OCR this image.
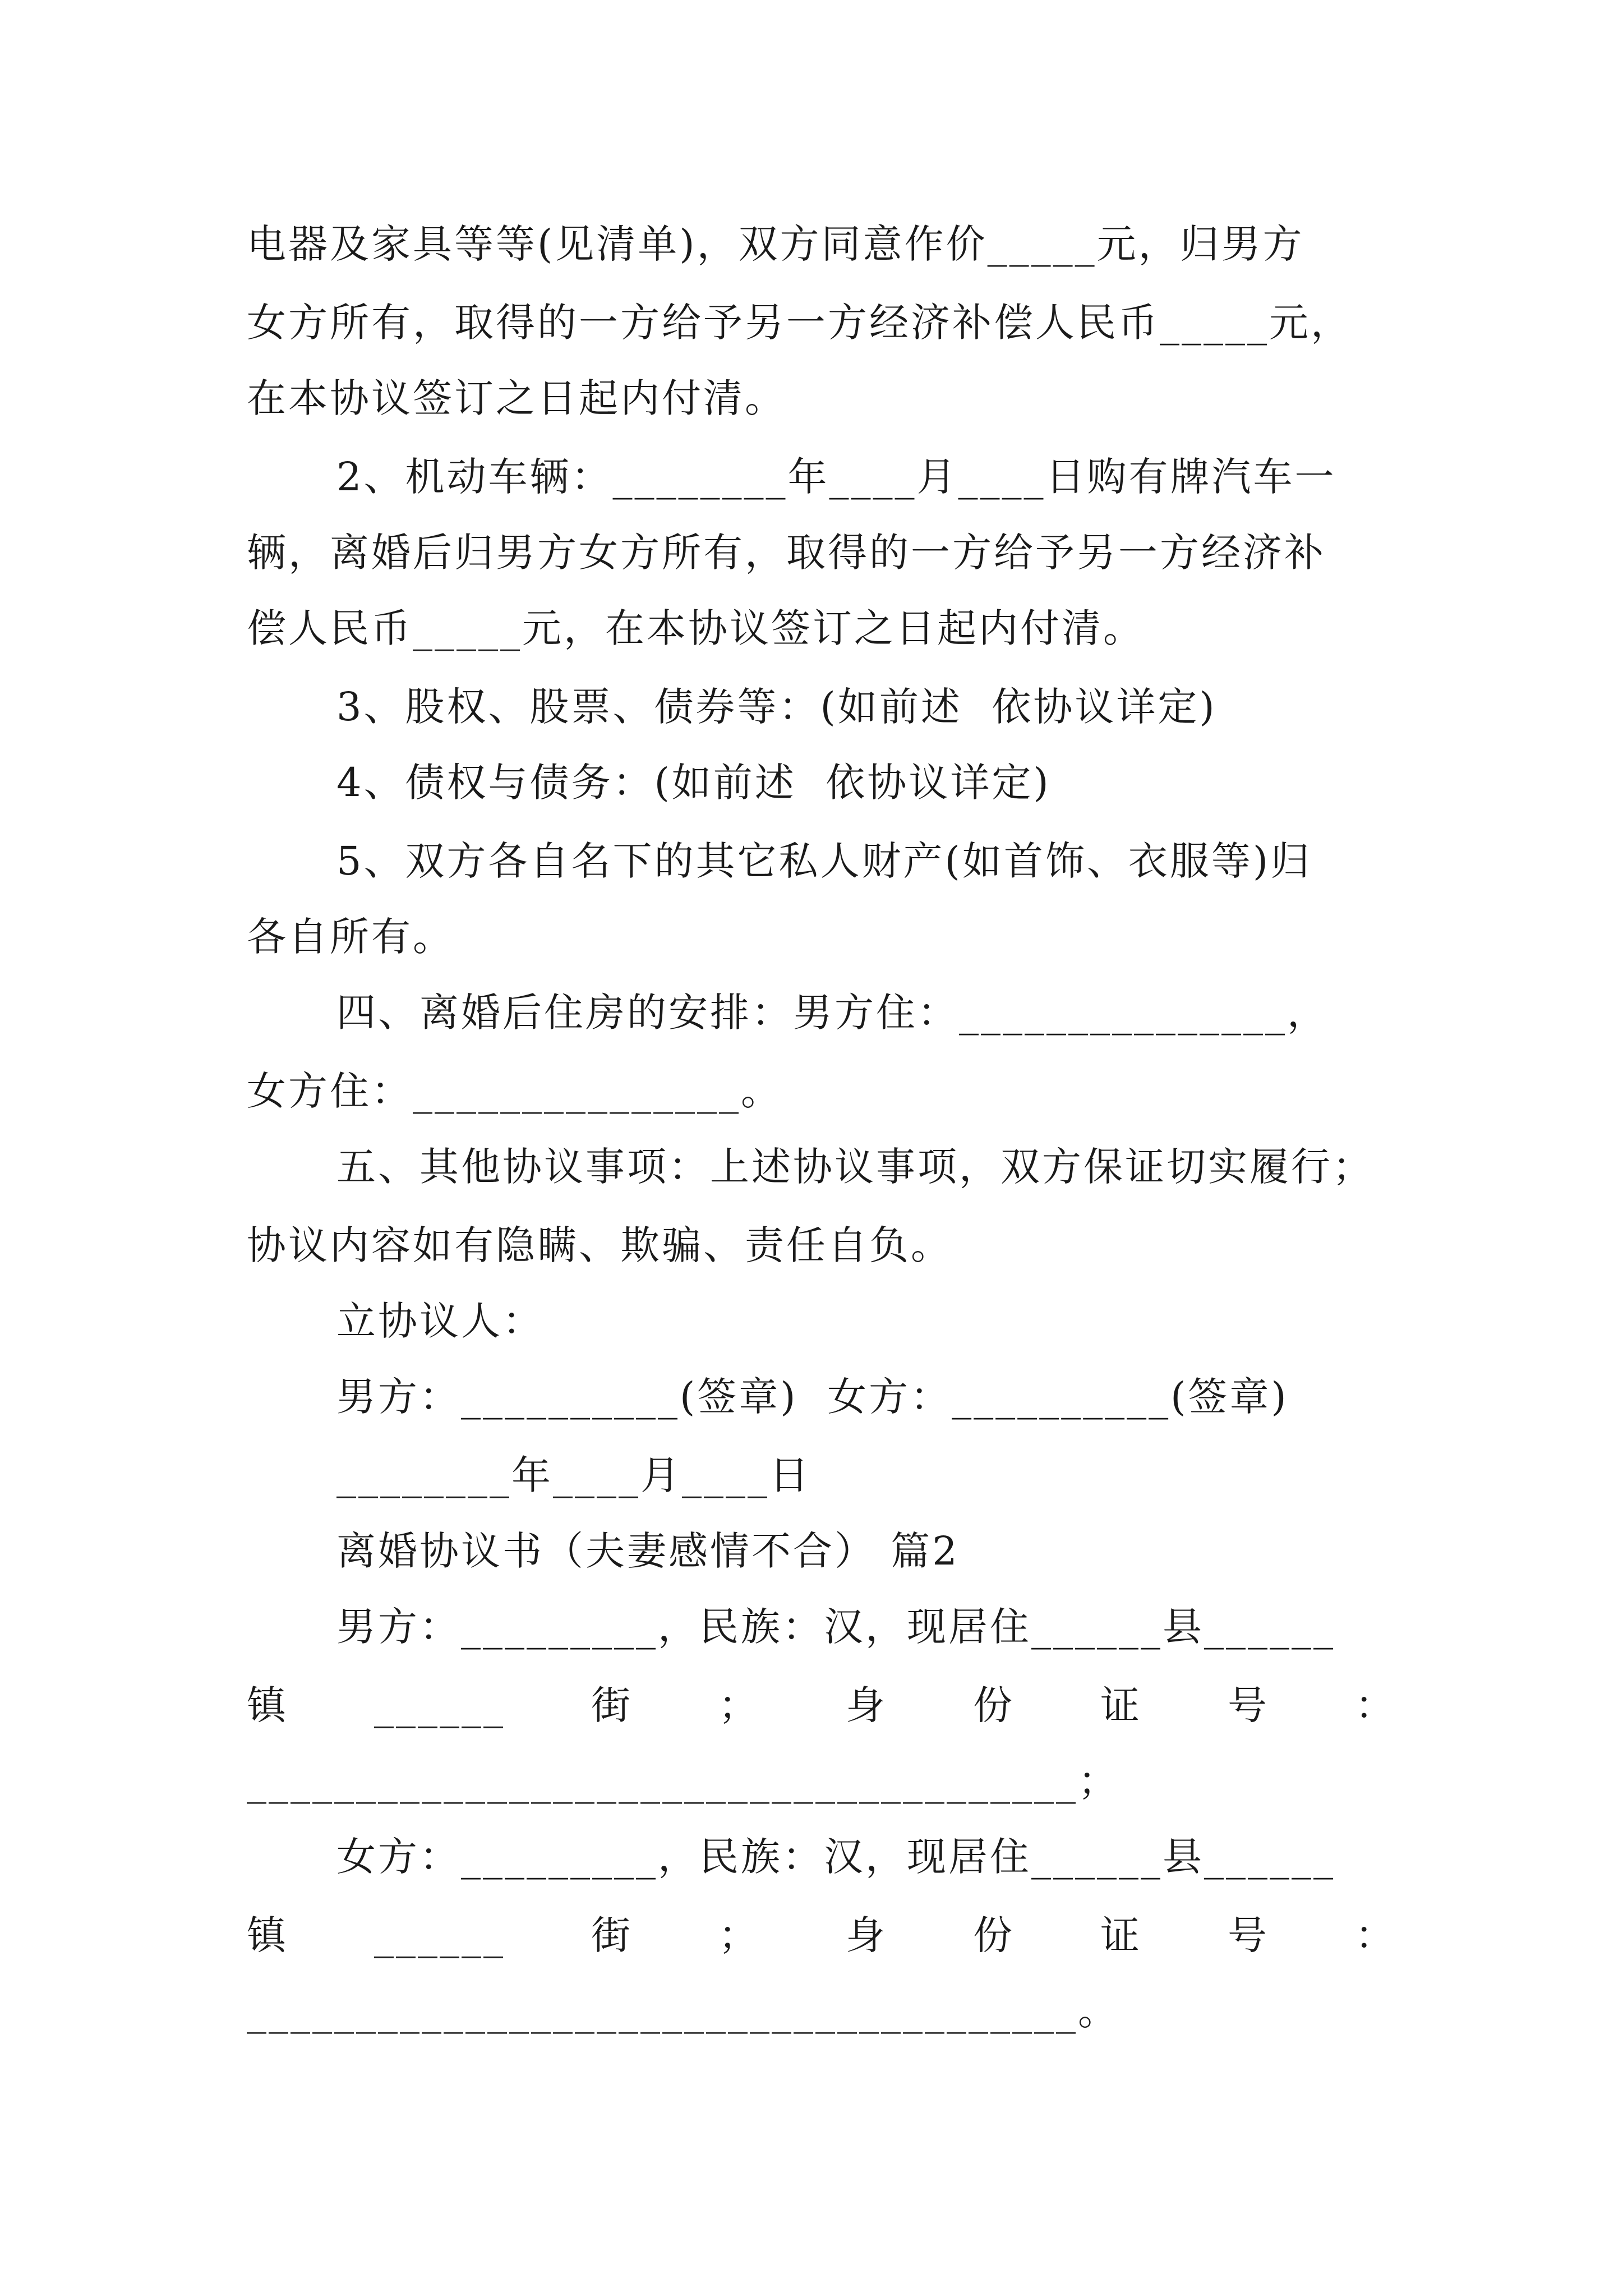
电器及家具等等(见清单)，双方同意作价_____元，归男方
女方所有，取得的一方给予另一方经济补偿人民币_____元，
在本协议签订之日起内付清。
2、机动车辆：________年____月____日购有牌汽车一
辆，离婚后归男方女方所有，取得的一方给予另一方经济补
偿人民币_____元，在本协议签订之日起内付清。
3、股权、股票、债券等：(如前述  依协议详定)
4、债权与债务：(如前述  依协议详定)
5、双方各自名下的其它私人财产(如首饰、衣服等)归
各自所有。
四、离婚后住房的安排：男方住：_______________，
女方住：_______________。
五、其他协议事项：上述协议事项，双方保证切实履行；
协议内容如有隐瞒、欺骗、责任自负。
立协议人：
男方：__________(签章)  女方：__________(签章)
________年____月____日
离婚协议书（夫妻感情不合） 篇2
男方：_________，民族：汉，现居住______县______
镇 ______ 街 ； 身 份 证 号 ：
______________________________________；
女方：_________，民族：汉，现居住______县______
镇 ______ 街 ； 身 份 证 号 ：
______________________________________。
